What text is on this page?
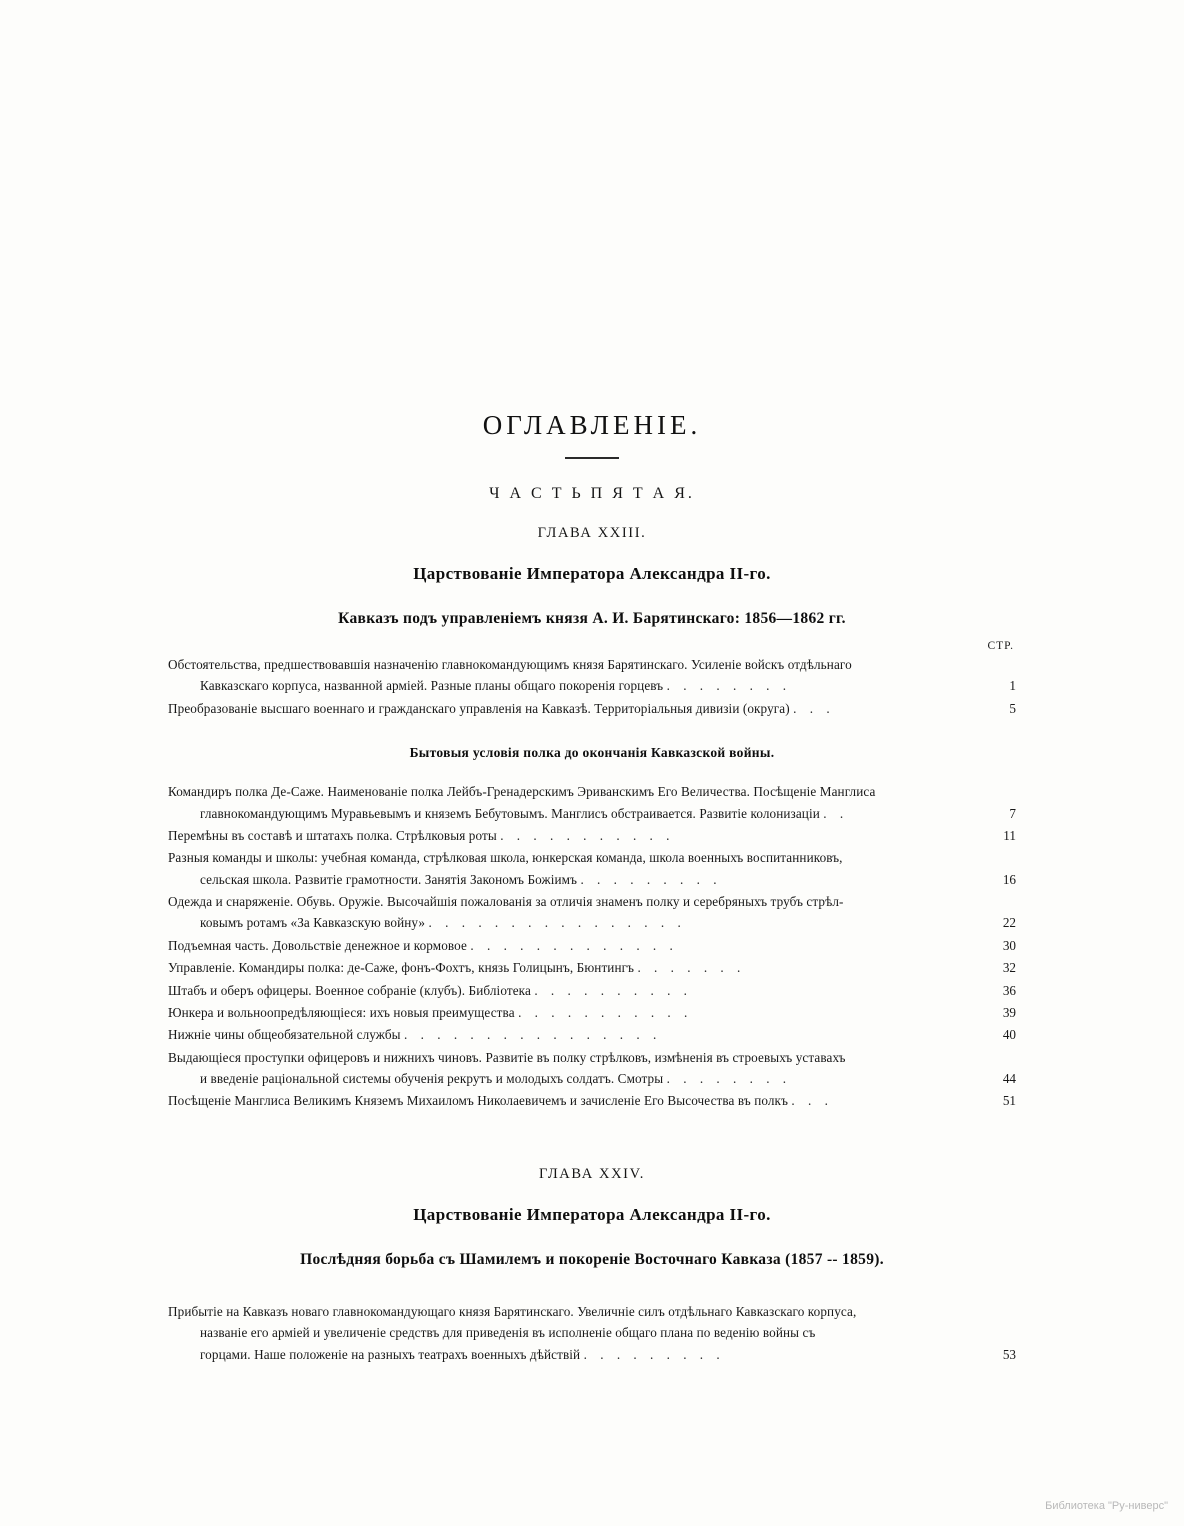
ОГЛАВЛЕНІЕ.
Ч А С Т Ь П Я Т А Я.
ГЛАВА XXIII.
Царствованіе Императора Александра II-го.
Кавказъ подъ управленіемъ князя А. И. Барятинскаго: 1856—1862 гг.
СТР.
Обстоятельства, предшествовавшія назначенію главнокомандующимъ князя Барятинскаго. Усиленіе войскъ отдѣльнаго
Кавказскаго корпуса, названной арміей. Разные планы общаго покоренія горцевъ . . . . . . . .	1
Преобразованіе высшаго военнаго и гражданскаго управленія на Кавказѣ. Территоріальныя дивизіи (округа) . . .	5
Бытовыя условія полка до окончанія Кавказской войны.
Командиръ полка Де-Саже. Наименованіе полка Лейбъ-Гренадерскимъ Эриванскимъ Его Величества. Посѣщеніе Манглиса
главнокомандующимъ Муравьевымъ и княземъ Бебутовымъ. Манглисъ обстраивается. Развитіе колонизаціи . .	7
Перемѣны въ составѣ и штатахъ полка. Стрѣлковыя роты . . . . . . . . . . .	11
Разныя команды и школы: учебная команда, стрѣлковая школа, юнкерская команда, школа военныхъ воспитанниковъ,
сельская школа. Развитіе грамотности. Занятія Закономъ Божіимъ . . . . . . . . .	16
Одежда и снаряженіе. Обувь. Оружіе. Высочайшія пожалованія за отличія знаменъ полку и серебряныхъ трубъ стрѣл-
ковымъ ротамъ «За Кавказскую войну» . . . . . . . . . . . . . . . .	22
Подъемная часть. Довольствіе денежное и кормовое . . . . . . . . . . . . .	30
Управленіе. Командиры полка: де-Саже, фонъ-Фохтъ, князь Голицынъ, Бюнтингъ . . . . . . .	32
Штабъ и оберъ офицеры. Военное собраніе (клубъ). Библіотека . . . . . . . . . .	36
Юнкера и вольноопредѣляющіеся: ихъ новыя преимущества . . . . . . . . . . .	39
Нижніе чины общеобязательной службы . . . . . . . . . . . . . . . .	40
Выдающіеся проступки офицеровъ и нижнихъ чиновъ. Развитіе въ полку стрѣлковъ, измѣненія въ строевыхъ уставахъ
и введеніе раціональной системы обученія рекрутъ и молодыхъ солдатъ. Смотры . . . . . . . .	44
Посѣщеніе Манглиса Великимъ Княземъ Михаиломъ Николаевичемъ и зачисленіе Его Высочества въ полкъ . . .	51
ГЛАВА XXIV.
Царствованіе Императора Александра II-го.
Послѣдняя борьба съ Шамилемъ и покореніе Восточнаго Кавказа (1857 -- 1859).
Прибытіе на Кавказъ новаго главнокомандующаго князя Барятинскаго. Увеличніе силъ отдѣльнаго Кавказскаго корпуса,
названіе его арміей и увеличеніе средствъ для приведенія въ исполненіе общаго плана по веденію войны съ
горцами. Наше положеніе на разныхъ театрахъ военныхъ дѣйствій . . . . . . . . .	53
Библиотека "Ру-ниверс"
